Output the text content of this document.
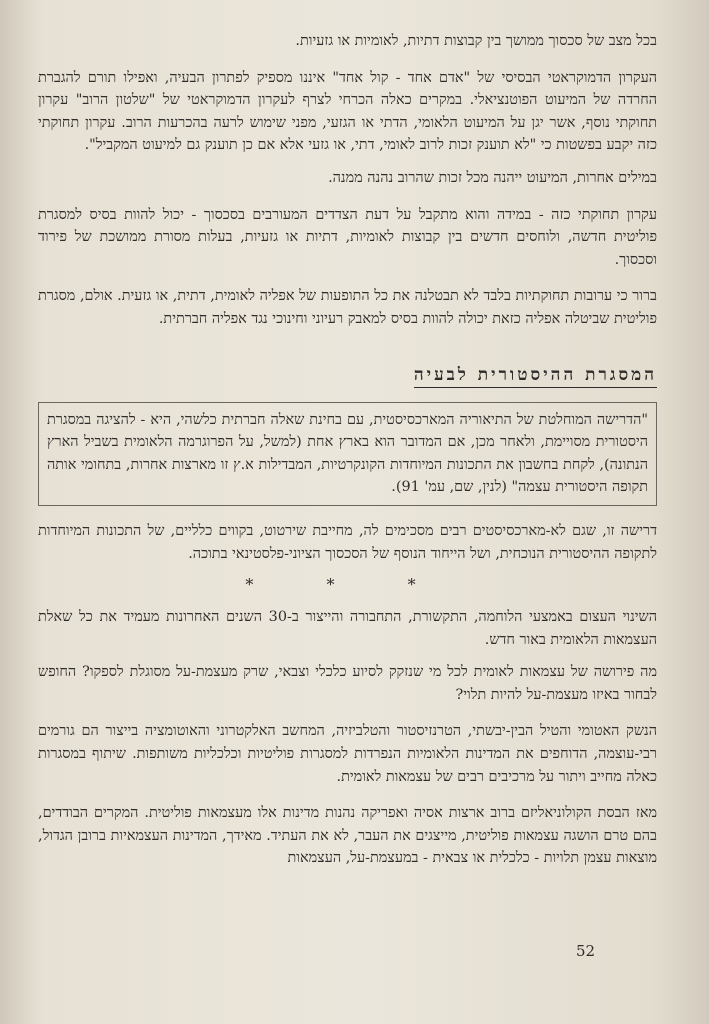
בכל מצב של סכסוך ממושך בין קבוצות דתיות, לאומיות או גזעיות.

העקרון הדמוקראטי הבסיסי של "אדם אחד - קול אחד" איננו מספיק לפתרון הבעיה, ואפילו תורם להגברת החרדה של המיעוט הפוטנציאלי. במקרים כאלה הכרחי לצרף לעקרון הדמוקראטי של "שלטון הרוב" עקרון תחוקתי נוסף, אשר יגן על המיעוט הלאומי, הדתי או הגזעי, מפני שימוש לרעה בהכרעות הרוב. עקרון תחוקתי כזה יקבע בפשטות כי "לא תוענק זכות לרוב לאומי, דתי, או גזעי אלא אם כן תוענק גם למיעוט המקביל".

במילים אחרות, המיעוט ייהנה מכל זכות שהרוב נהנה ממנה.

עקרון תחוקתי כזה - במידה והוא מתקבל על דעת הצדדים המעורבים בסכסוך - יכול להוות בסיס למסגרת פוליטית חדשה, ולוחסים חדשים בין קבוצות לאומיות, דתיות או גזעיות, בעלות מסורת ממושכת של פירוד וסכסוך.

ברור כי ערובות תחוקתיות בלבד לא תבטלנה את כל התופעות של אפליה לאומית, דתית, או גזעית. אולם, מסגרת פוליטית שביטלה אפליה כזאת יכולה להוות בסיס למאבק רעיוני וחינוכי נגד אפליה חברתית.

המסגרת ההיסטורית לבעיה
"הדרישה המוחלטת של התיאוריה המארכסיסטית, עם בחינת שאלה חברתית כלשהי, היא - להציגה במסגרת היסטורית מסויימת, ולאחר מכן, אם המדובר הוא בארץ אחת (למשל, על הפרוגרמה הלאומית בשביל הארץ הנתונה), לקחת בחשבון את התכונות המיוחדות הקונקרטיות, המבדילות א.ץ זו מארצות אחרות, בתחומי אותה תקופה היסטורית עצמה" (לנין, שם, עמ' 91).

דרישה זו, שגם לא-מארכסיסטים רבים מסכימים לה, מחייבת שירטוט, בקווים כלליים, של התכונות המיוחדות לתקופה ההיסטורית הנוכחית, ושל הייחוד הנוסף של הסכסוך הציוני-פלסטינאי בתוכה.

* * *

השינוי העצום באמצעי הלוחמה, התקשורת, התחבורה והייצור ב-30 השנים האחרונות מעמיד את כל שאלת העצמאות הלאומית באור חדש.

מה פירושה של עצמאות לאומית לכל מי שנזקק לסיוע כלכלי וצבאי, שרק מעצמת-על מסוגלת לספקו? החופש לבחור באיזו מעצמת-על להיות תלוי?

הנשק האטומי והטיל הבין-יבשתי, הטרנזיסטור והטלביזיה, המחשב האלקטרוני והאוטומציה בייצור הם גורמים רבי-עוצמה, הדוחפים את המדינות הלאומיות הנפרדות למסגרות פוליטיות וכלכליות משותפות. שיתוף במסגרות כאלה מחייב ויתור על מרכיבים רבים של עצמאות לאומית.

מאז הבסת הקולוניאליזם ברוב ארצות אסיה ואפריקה נהנות מדינות אלו מעצמאות פוליטית. המקרים הבודדים, בהם טרם הושגה עצמאות פוליטית, מייצגים את העבר, לא את העתיד. מאידך, המדינות העצמאיות ברובן הגדול, מוצאות עצמן תלויות - כלכלית או צבאית - במעצמת-על, העצמאות

52
